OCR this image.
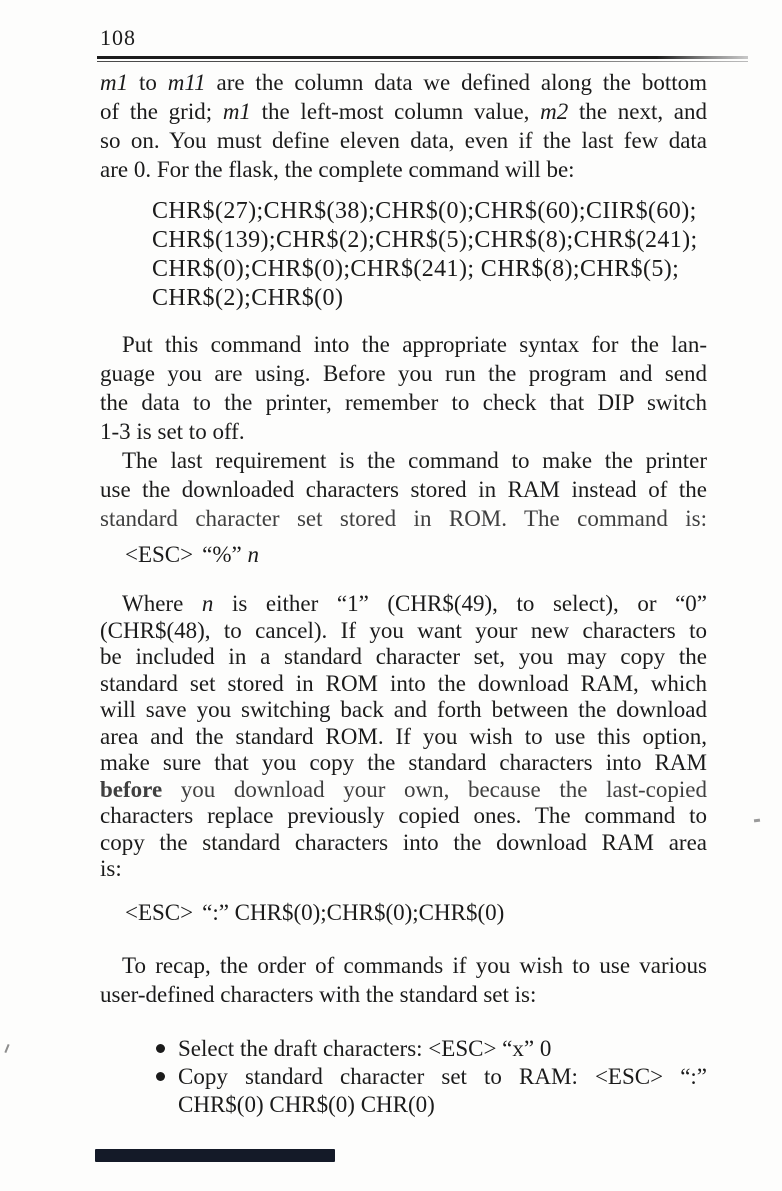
108
m1 to m11 are the column data we defined along the bottom
of the grid; m1 the left-most column value, m2 the next, and
so on. You must define eleven data, even if the last few data
are 0. For the flask, the complete command will be:
CHR$(27);CHR$(38);CHR$(0);CHR$(60);CIIR$(60);
CHR$(139);CHR$(2);CHR$(5);CHR$(8);CHR$(241);
CHR$(0);CHR$(0);CHR$(241); CHR$(8);CHR$(5);
CHR$(2);CHR$(0)
Put this command into the appropriate syntax for the lan-
guage you are using. Before you run the program and send
the data to the printer, remember to check that DIP switch
1-3 is set to off.
The last requirement is the command to make the printer
use the downloaded characters stored in RAM instead of the
standard character set stored in ROM. The command is:
<ESC> “%” n
Where n is either “1” (CHR$(49), to select), or “0”
(CHR$(48), to cancel). If you want your new characters to
be included in a standard character set, you may copy the
standard set stored in ROM into the download RAM, which
will save you switching back and forth between the download
area and the standard ROM. If you wish to use this option,
make sure that you copy the standard characters into RAM
before you download your own, because the last-copied
characters replace previously copied ones. The command to
copy the standard characters into the download RAM area
is:
<ESC> “:” CHR$(0);CHR$(0);CHR$(0)
To recap, the order of commands if you wish to use various
user-defined characters with the standard set is:
Select the draft characters: <ESC> “x” 0
Copy standard character set to RAM: <ESC> “:”
CHR$(0) CHR$(0) CHR(0)
